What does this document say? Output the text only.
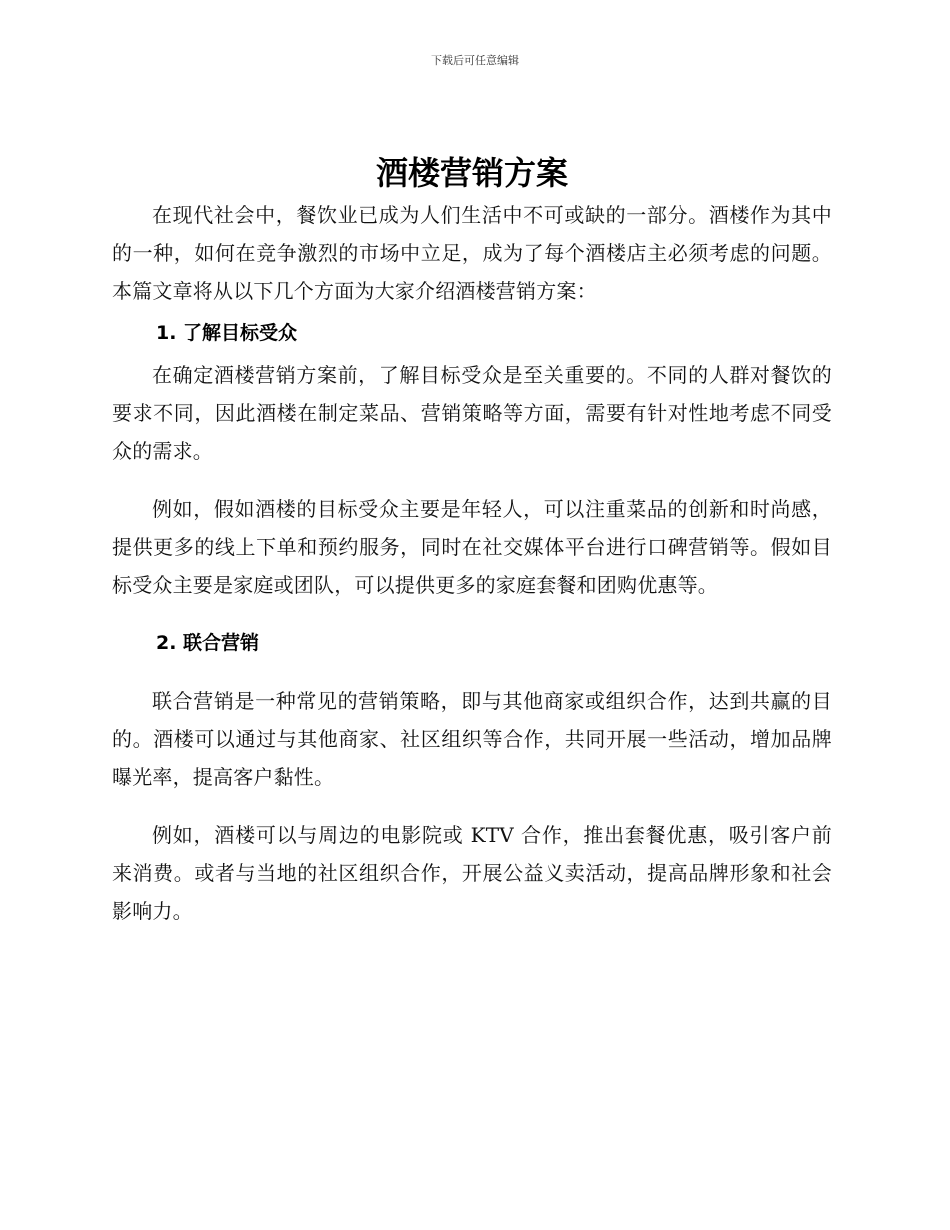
下载后可任意编辑
酒楼营销方案

在现代社会中，餐饮业已成为人们生活中不可或缺的一部分。酒楼作为其中的一种，如何在竞争激烈的市场中立足，成为了每个酒楼店主必须考虑的问题。本篇文章将从以下几个方面为大家介绍酒楼营销方案：

1. 了解目标受众

在确定酒楼营销方案前，了解目标受众是至关重要的。不同的人群对餐饮的要求不同，因此酒楼在制定菜品、营销策略等方面，需要有针对性地考虑不同受众的需求。

例如，假如酒楼的目标受众主要是年轻人，可以注重菜品的创新和时尚感，提供更多的线上下单和预约服务，同时在社交媒体平台进行口碑营销等。假如目标受众主要是家庭或团队，可以提供更多的家庭套餐和团购优惠等。

2. 联合营销

联合营销是一种常见的营销策略，即与其他商家或组织合作，达到共赢的目的。酒楼可以通过与其他商家、社区组织等合作，共同开展一些活动，增加品牌曝光率，提高客户黏性。

例如，酒楼可以与周边的电影院或 KTV 合作，推出套餐优惠，吸引客户前来消费。或者与当地的社区组织合作，开展公益义卖活动，提高品牌形象和社会影响力。
